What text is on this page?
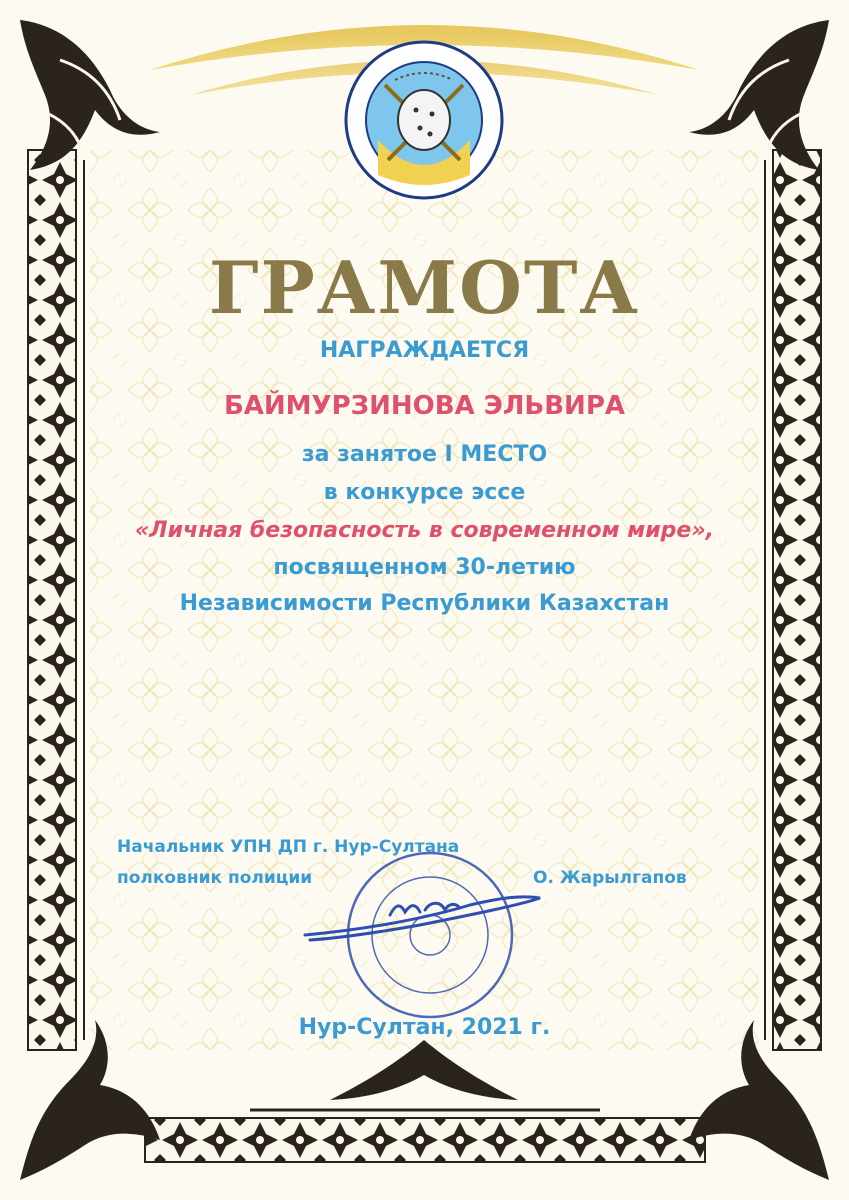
ГРАМОТА
НАГРАЖДАЕТСЯ
БАЙМУРЗИНОВА ЭЛЬВИРА
за занятое I МЕСТО
в конкурсе эссе
«Личная безопасность в современном мире»,
посвященном 30-летию
Независимости Республики Казахстан
Начальник УПН ДП г. Нур-Султана
полковник полиции	О. Жарылгапов
Нур-Султан, 2021 г.
